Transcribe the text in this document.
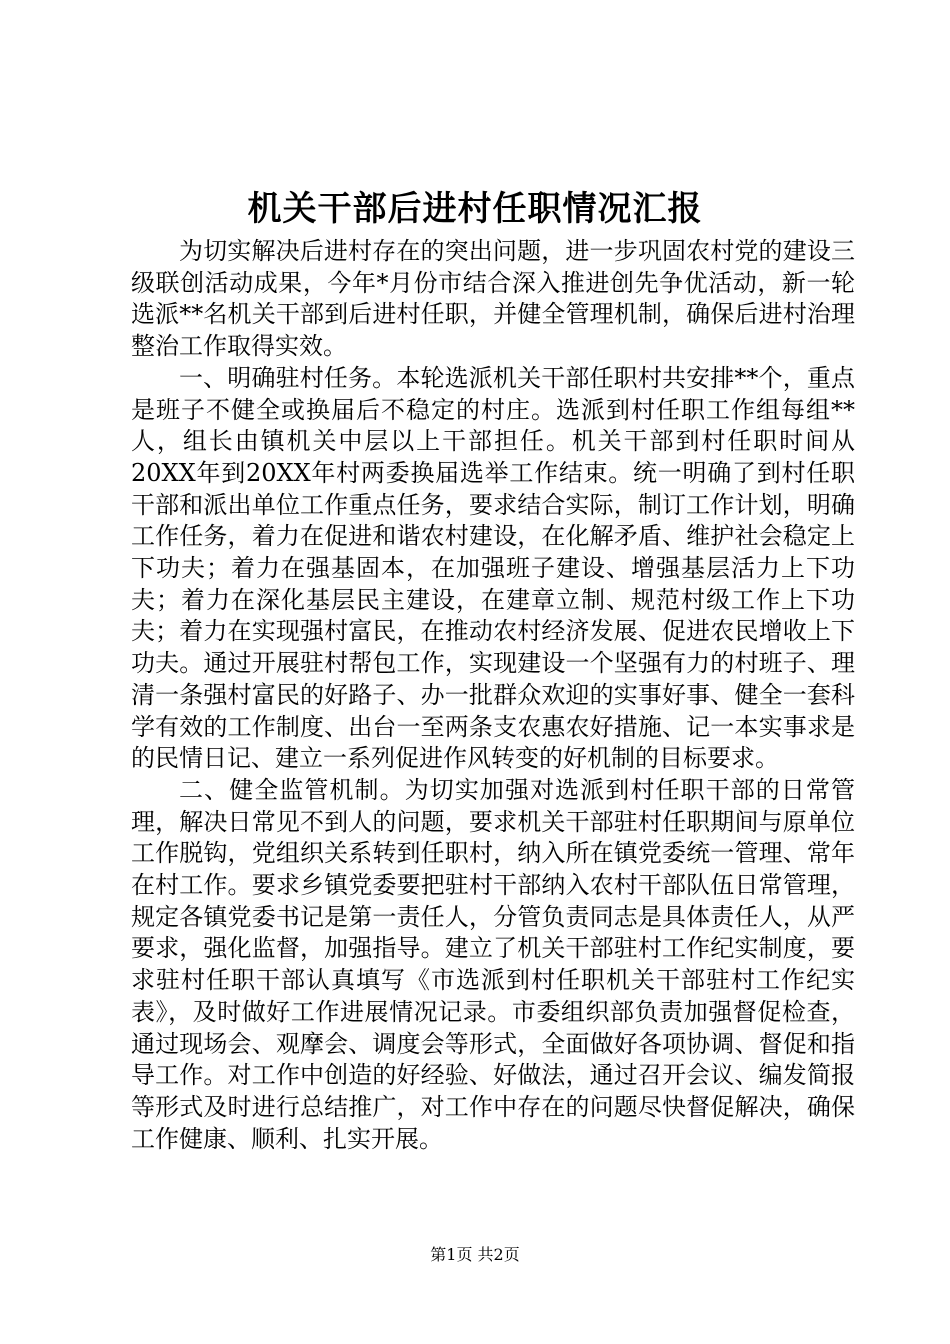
机关干部后进村任职情况汇报

为切实解决后进村存在的突出问题，进一步巩固农村党的建设三级联创活动成果，今年*月份市结合深入推进创先争优活动，新一轮选派**名机关干部到后进村任职，并健全管理机制，确保后进村治理整治工作取得实效。

一、明确驻村任务。本轮选派机关干部任职村共安排**个，重点是班子不健全或换届后不稳定的村庄。选派到村任职工作组每组**人，组长由镇机关中层以上干部担任。机关干部到村任职时间从20XX年到20XX年村两委换届选举工作结束。统一明确了到村任职干部和派出单位工作重点任务，要求结合实际，制订工作计划，明确工作任务，着力在促进和谐农村建设，在化解矛盾、维护社会稳定上下功夫；着力在强基固本，在加强班子建设、增强基层活力上下功夫；着力在深化基层民主建设，在建章立制、规范村级工作上下功夫；着力在实现强村富民，在推动农村经济发展、促进农民增收上下功夫。通过开展驻村帮包工作，实现建设一个坚强有力的村班子、理清一条强村富民的好路子、办一批群众欢迎的实事好事、健全一套科学有效的工作制度、出台一至两条支农惠农好措施、记一本实事求是的民情日记、建立一系列促进作风转变的好机制的目标要求。

二、健全监管机制。为切实加强对选派到村任职干部的日常管理，解决日常见不到人的问题，要求机关干部驻村任职期间与原单位工作脱钩，党组织关系转到任职村，纳入所在镇党委统一管理、常年在村工作。要求乡镇党委要把驻村干部纳入农村干部队伍日常管理，规定各镇党委书记是第一责任人，分管负责同志是具体责任人，从严要求，强化监督，加强指导。建立了机关干部驻村工作纪实制度，要求驻村任职干部认真填写《市选派到村任职机关干部驻村工作纪实表》，及时做好工作进展情况记录。市委组织部负责加强督促检查，通过现场会、观摩会、调度会等形式，全面做好各项协调、督促和指导工作。对工作中创造的好经验、好做法，通过召开会议、编发简报等形式及时进行总结推广，对工作中存在的问题尽快督促解决，确保工作健康、顺利、扎实开展。

第1页 共2页
